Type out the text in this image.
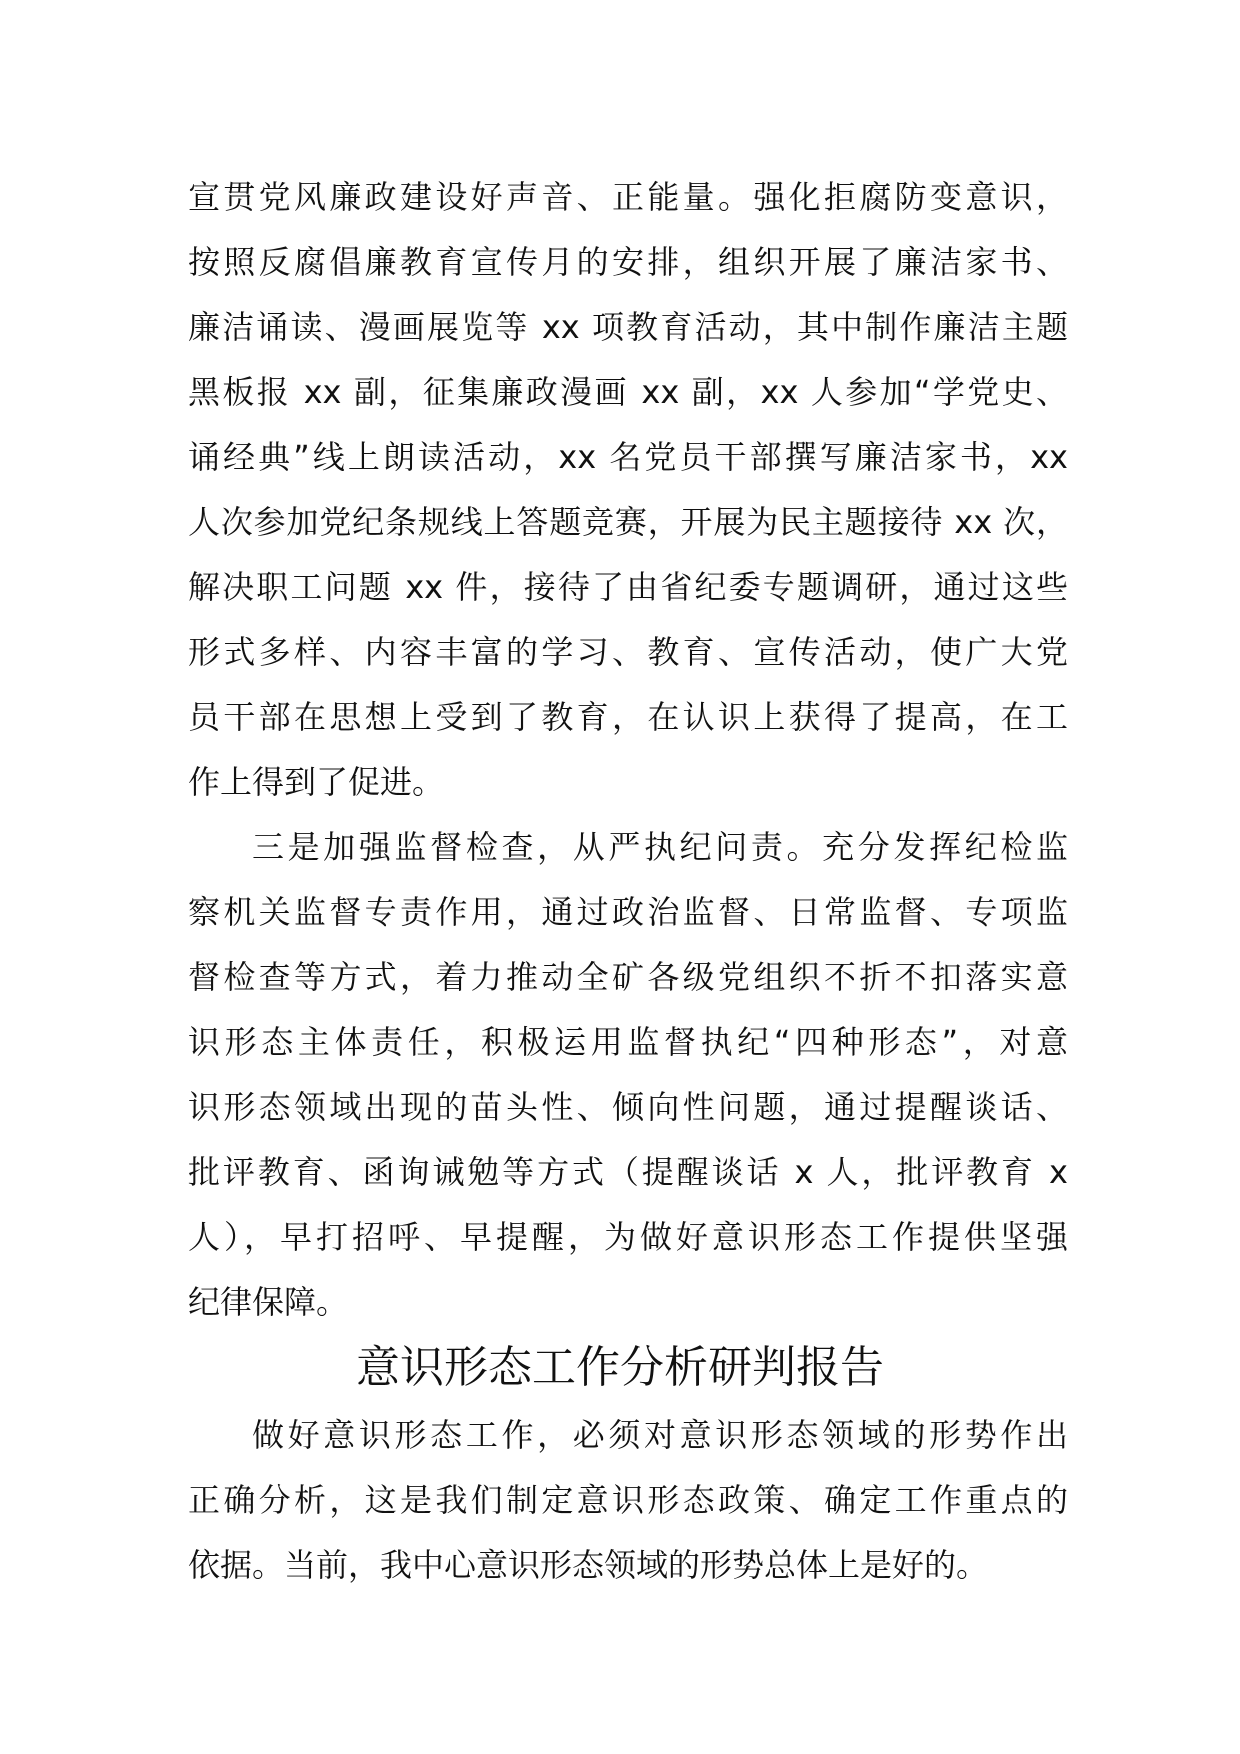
宣贯党风廉政建设好声音、正能量。强化拒腐防变意识，
按照反腐倡廉教育宣传月的安排，组织开展了廉洁家书、
廉洁诵读、漫画展览等 xx 项教育活动，其中制作廉洁主题
黑板报 xx 副，征集廉政漫画 xx 副，xx 人参加“学党史、
诵经典”线上朗读活动，xx 名党员干部撰写廉洁家书，xx
人次参加党纪条规线上答题竞赛，开展为民主题接待 xx 次，
解决职工问题 xx 件，接待了由省纪委专题调研，通过这些
形式多样、内容丰富的学习、教育、宣传活动，使广大党
员干部在思想上受到了教育，在认识上获得了提高，在工
作上得到了促进。
三是加强监督检查，从严执纪问责。充分发挥纪检监
察机关监督专责作用，通过政治监督、日常监督、专项监
督检查等方式，着力推动全矿各级党组织不折不扣落实意
识形态主体责任，积极运用监督执纪“四种形态”，对意
识形态领域出现的苗头性、倾向性问题，通过提醒谈话、
批评教育、函询诫勉等方式（提醒谈话 x 人，批评教育 x
人），早打招呼、早提醒，为做好意识形态工作提供坚强
纪律保障。
意识形态工作分析研判报告
做好意识形态工作，必须对意识形态领域的形势作出
正确分析，这是我们制定意识形态政策、确定工作重点的
依据。当前，我中心意识形态领域的形势总体上是好的。
